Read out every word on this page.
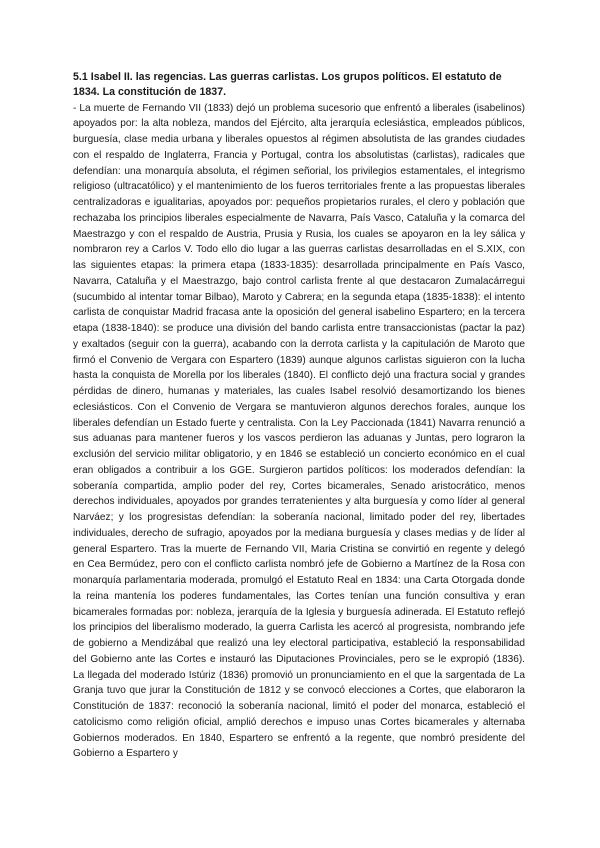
5.1 Isabel II. las regencias. Las guerras carlistas. Los grupos políticos. El estatuto de 1834. La constitución de 1837.

- La muerte de Fernando VII (1833) dejó un problema sucesorio que enfrentó a liberales (isabelinos) apoyados por: la alta nobleza, mandos del Ejército, alta jerarquía eclesiástica, empleados públicos, burguesía, clase media urbana y liberales opuestos al régimen absolutista de las grandes ciudades con el respaldo de Inglaterra, Francia y Portugal, contra los absolutistas (carlistas), radicales que defendían: una monarquía absoluta, el régimen señorial, los privilegios estamentales, el integrismo religioso (ultracatólico) y el mantenimiento de los fueros territoriales frente a las propuestas liberales centralizadoras e igualitarias, apoyados por: pequeños propietarios rurales, el clero y población que rechazaba los principios liberales especialmente de Navarra, País Vasco, Cataluña y la comarca del Maestrazgo y con el respaldo de Austria, Prusia y Rusia, los cuales se apoyaron en la ley sálica y nombraron rey a Carlos V. Todo ello dio lugar a las guerras carlistas desarrolladas en el S.XIX, con las siguientes etapas: la primera etapa (1833-1835): desarrollada principalmente en País Vasco, Navarra, Cataluña y el Maestrazgo, bajo control carlista frente al que destacaron Zumalacárregui (sucumbido al intentar tomar Bilbao), Maroto y Cabrera; en la segunda etapa (1835-1838): el intento carlista de conquistar Madrid fracasa ante la oposición del general isabelino Espartero; en la tercera etapa (1838-1840): se produce una división del bando carlista entre transaccionistas (pactar la paz) y exaltados (seguir con la guerra), acabando con la derrota carlista y la capitulación de Maroto que firmó el Convenio de Vergara con Espartero (1839) aunque algunos carlistas siguieron con la lucha hasta la conquista de Morella por los liberales (1840). El conflicto dejó una fractura social y grandes pérdidas de dinero, humanas y materiales, las cuales Isabel resolvió desamortizando los bienes eclesiásticos. Con el Convenio de Vergara se mantuvieron algunos derechos forales, aunque los liberales defendían un Estado fuerte y centralista. Con la Ley Paccionada (1841) Navarra renunció a sus aduanas para mantener fueros y los vascos perdieron las aduanas y Juntas, pero lograron la exclusión del servicio militar obligatorio, y en 1846 se estableció un concierto económico en el cual eran obligados a contribuir a los GGE. Surgieron partidos políticos: los moderados defendían: la soberanía compartida, amplio poder del rey, Cortes bicamerales, Senado aristocrático, menos derechos individuales, apoyados por grandes terratenientes y alta burguesía y como líder al general Narváez; y los progresistas defendían: la soberanía nacional, limitado poder del rey, libertades individuales, derecho de sufragio, apoyados por la mediana burguesía y clases medias y de líder al general Espartero. Tras la muerte de Fernando VII, Maria Cristina se convirtió en regente y delegó en Cea Bermúdez, pero con el conflicto carlista nombró jefe de Gobierno a Martínez de la Rosa con monarquía parlamentaria moderada, promulgó el Estatuto Real en 1834: una Carta Otorgada donde la reina mantenía los poderes fundamentales, las Cortes tenían una función consultiva y eran bicamerales formadas por: nobleza, jerarquía de la Iglesia y burguesía adinerada. El Estatuto reflejó los principios del liberalismo moderado, la guerra Carlista les acercó al progresista, nombrando jefe de gobierno a Mendizábal que realizó una ley electoral participativa, estableció la responsabilidad del Gobierno ante las Cortes e instauró las Diputaciones Provinciales, pero se le expropió (1836). La llegada del moderado Istúriz (1836) promovió un pronunciamiento en el que la sargentada de La Granja tuvo que jurar la Constitución de 1812 y se convocó elecciones a Cortes, que elaboraron la Constitución de 1837: reconoció la soberanía nacional, limitó el poder del monarca, estableció el catolicismo como religión oficial, amplió derechos e impuso unas Cortes bicamerales y alternaba Gobiernos moderados. En 1840, Espartero se enfrentó a la regente, que nombró presidente del Gobierno a Espartero y
